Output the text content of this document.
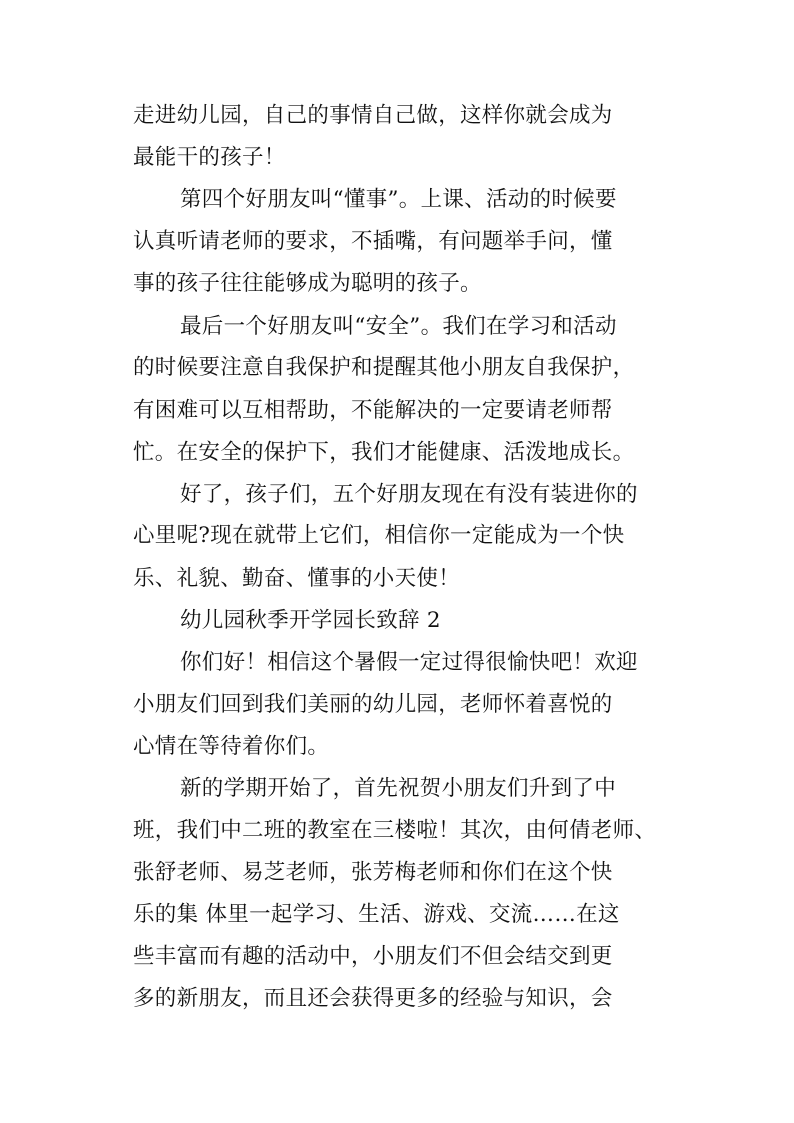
走进幼儿园，自己的事情自己做，这样你就会成为
最能干的孩子！
第四个好朋友叫“懂事”。上课、活动的时候要
认真听请老师的要求，不插嘴，有问题举手问，懂
事的孩子往往能够成为聪明的孩子。
最后一个好朋友叫“安全”。我们在学习和活动
的时候要注意自我保护和提醒其他小朋友自我保护，
有困难可以互相帮助，不能解决的一定要请老师帮
忙。在安全的保护下，我们才能健康、活泼地成长。
好了，孩子们，五个好朋友现在有没有装进你的
心里呢?现在就带上它们，相信你一定能成为一个快
乐、礼貌、勤奋、懂事的小天使！
幼儿园秋季开学园长致辞 2
你们好！相信这个暑假一定过得很愉快吧！欢迎
小朋友们回到我们美丽的幼儿园，老师怀着喜悦的
心情在等待着你们。
新的学期开始了，首先祝贺小朋友们升到了中
班，我们中二班的教室在三楼啦！其次，由何倩老师、
张舒老师、易芝老师，张芳梅老师和你们在这个快
乐的集 体里一起学习、生活、游戏、交流……在这
些丰富而有趣的活动中，小朋友们不但会结交到更
多的新朋友，而且还会获得更多的经验与知识，会
